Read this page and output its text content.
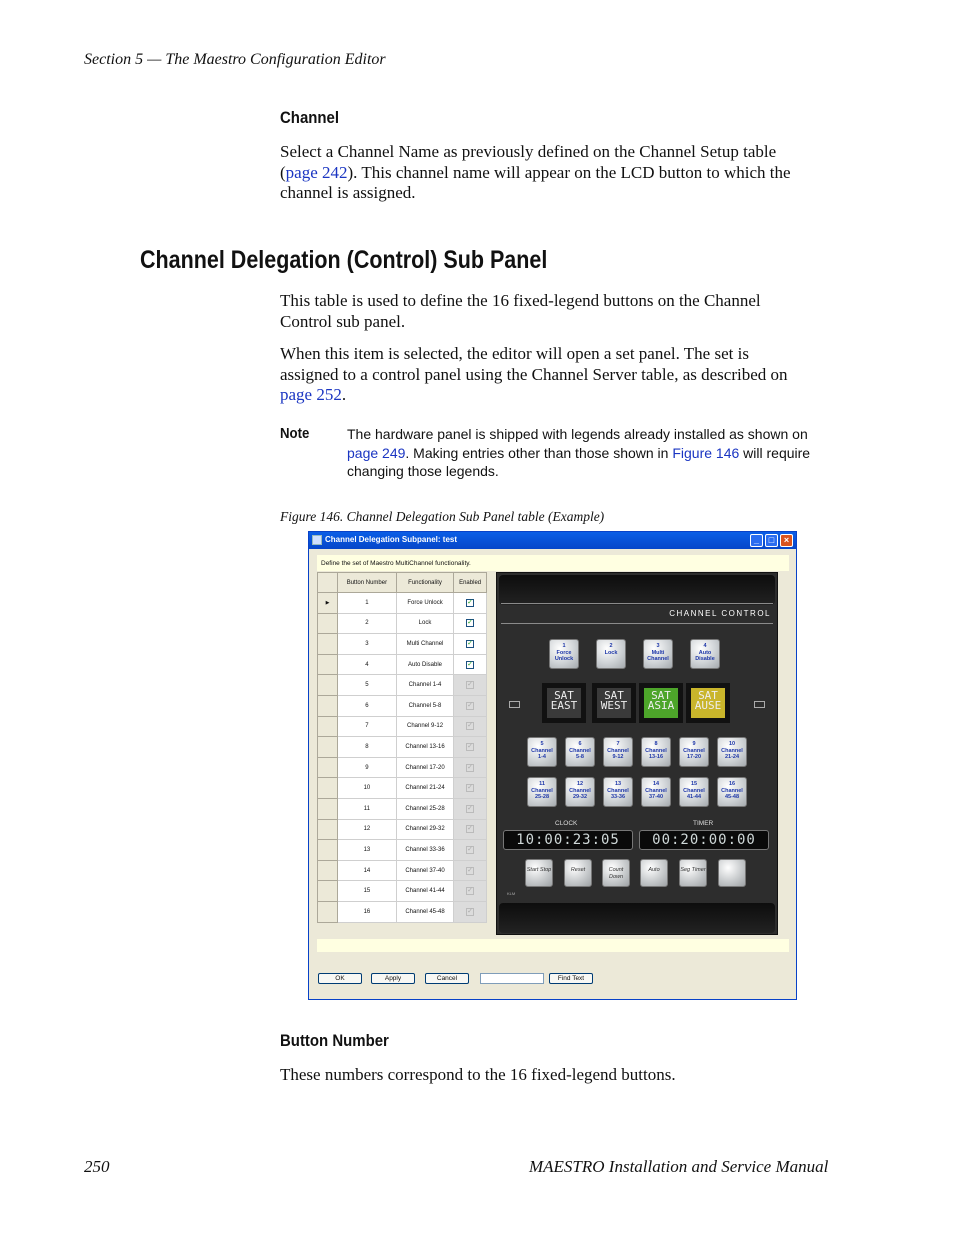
Section 5 — The Maestro Configuration Editor
Channel
Select a Channel Name as previously defined on the Channel Setup table
(page 242). This channel name will appear on the LCD button to which the
channel is assigned.
Channel Delegation (Control) Sub Panel
This table is used to define the 16 fixed-legend buttons on the Channel
Control sub panel.
When this item is selected, the editor will open a set panel. The set is
assigned to a control panel using the Channel Server table, as described on
page 252.
Note	The hardware panel is shipped with legends already installed as shown on
page 249. Making entries other than those shown in Figure 146 will require
changing those legends.
Figure 146. Channel Delegation Sub Panel table (Example)
Channel Delegation Subpanel: test	_	□	×
Define the set of Maestro MultiChannel functionality.
	Button Number	Functionality	Enabled
▶	1	Force Unlock	✓
	2	Lock	✓
	3	Multi Channel	✓
	4	Auto Disable	✓
	5	Channel 1-4	✓
	6	Channel 5-8	✓
	7	Channel 9-12	✓
	8	Channel 13-16	✓
	9	Channel 17-20	✓
	10	Channel 21-24	✓
	11	Channel 25-28	✓
	12	Channel 29-32	✓
	13	Channel 33-36	✓
	14	Channel 37-40	✓
	15	Channel 41-44	✓
	16	Channel 45-48	✓
CHANNEL CONTROL
1
Force Unlock
2
Lock
3
Multi Channel
4
Auto Disable
SAT EAST
SAT WEST
SAT ASIA
SAT AUSE
5
Channel 1-4
6
Channel 5-8
7
Channel 9-12
8
Channel 13-16
9
Channel 17-20
10
Channel 21-24
11
Channel 25-28
12
Channel 29-32
13
Channel 33-36
14
Channel 37-40
15
Channel 41-44
16
Channel 45-48
CLOCK	TIMER
10:00:23:05	00:20:00:00
Start Stop	Reset	Count Down
Auto	Seg Timer
KLM
OK	Apply	Cancel	Find Text
Button Number
These numbers correspond to the 16 fixed-legend buttons.
250	MAESTRO Installation and Service Manual
